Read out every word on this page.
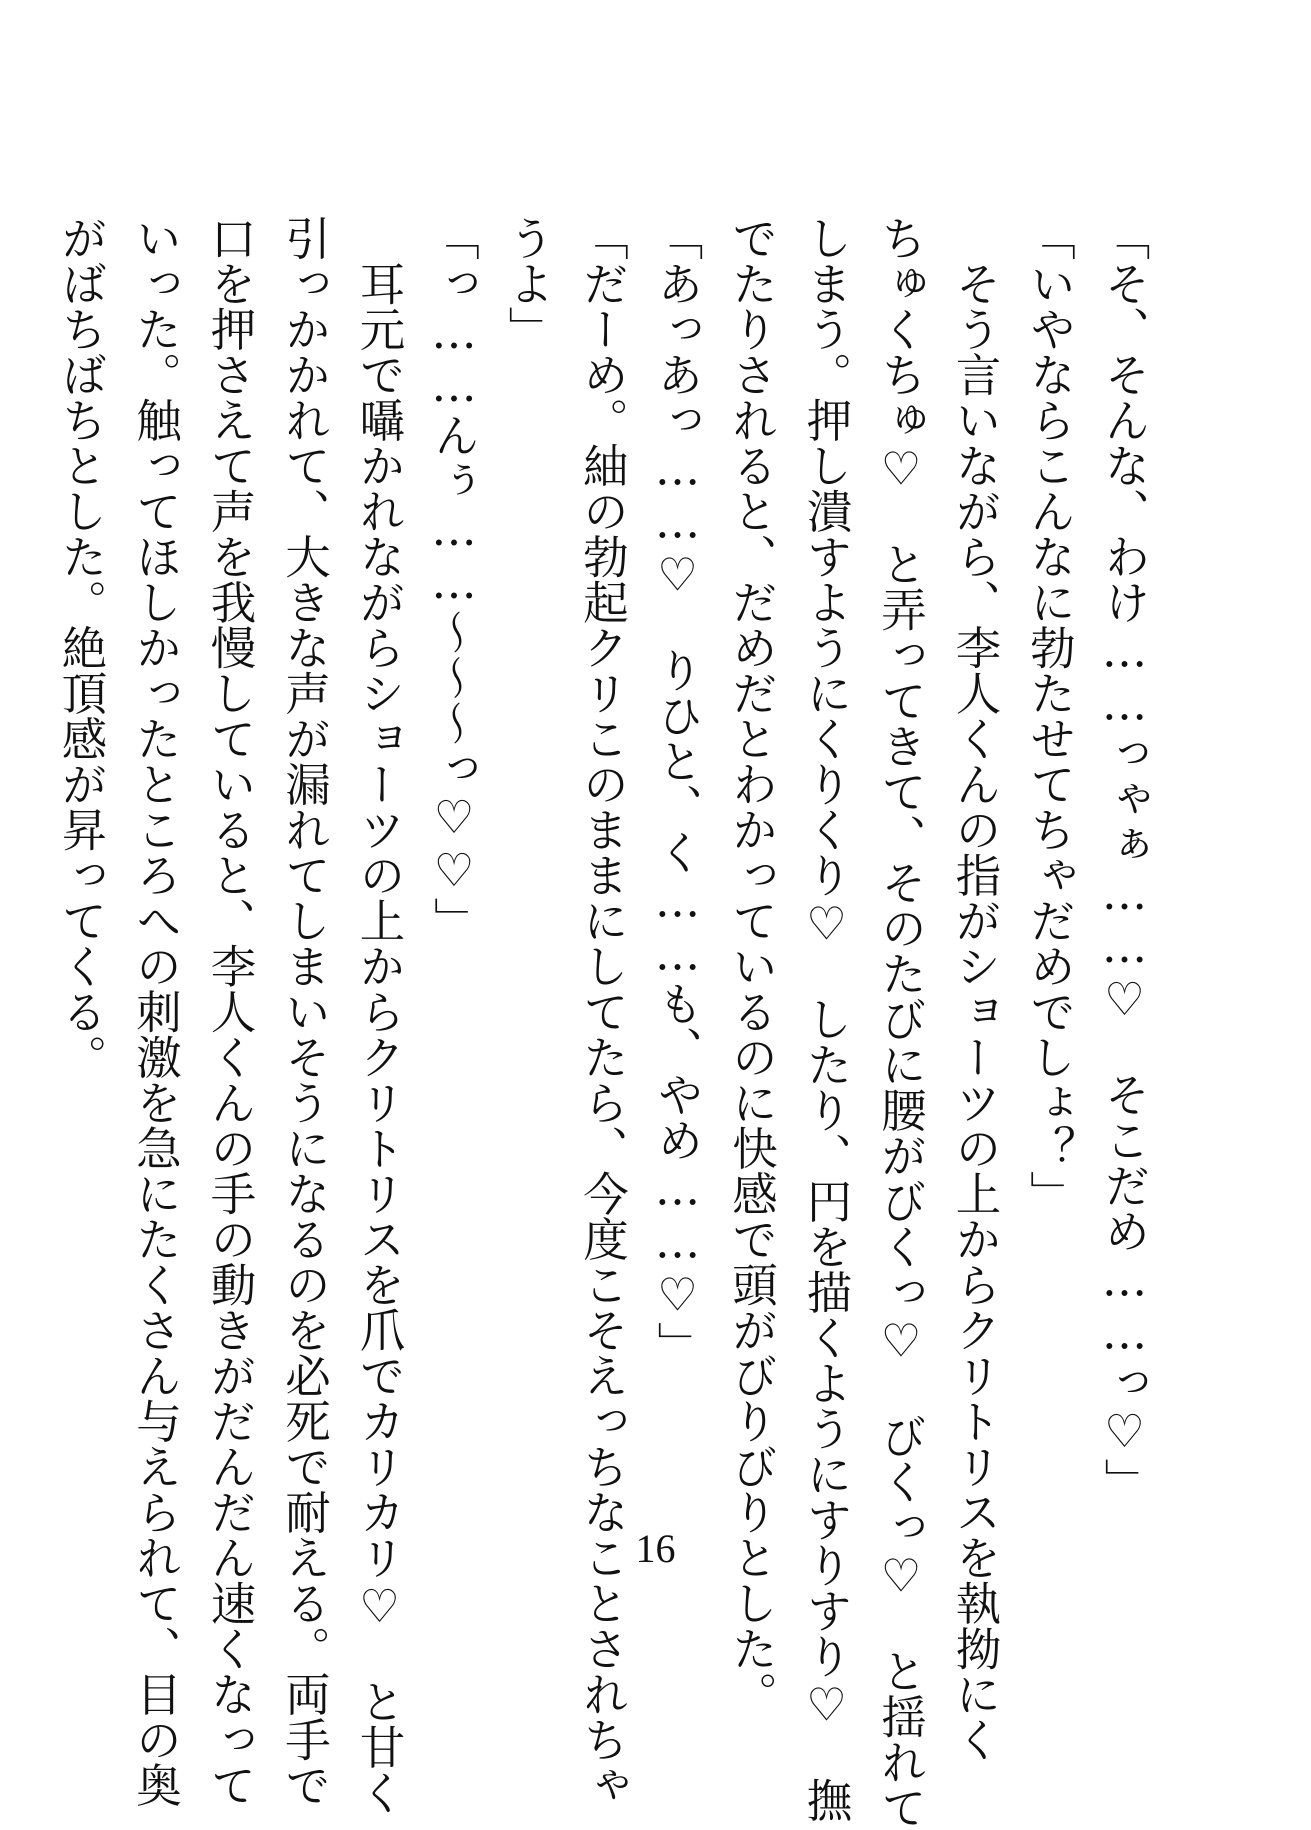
「そ、そんな、わけ……っゃぁ……♡　そこだめ……っ♡」
「いやならこんなに勃たせてちゃだめでしょ？」
　そう言いながら、李人くんの指がショーツの上からクリトリスを執拗にく
ちゅくちゅ♡　と弄ってきて、そのたびに腰がびくっ♡　びくっ♡　と揺れて
しまう。押し潰すようにくりくり♡　したり、円を描くようにすりすり♡　撫
でたりされると、だめだとわかっているのに快感で頭がびりびりとした。
「あっあっ……♡　りひと、く……も、やめ……♡」
「だーめ。紬の勃起クリこのままにしてたら、今度こそえっちなことされちゃ
うよ」
「っ……んぅ……～～～っ♡♡」
　耳元で囁かれながらショーツの上からクリトリスを爪でカリカリ♡　と甘く
引っかかれて、大きな声が漏れてしまいそうになるのを必死で耐える。両手で
口を押さえて声を我慢していると、李人くんの手の動きがだんだん速くなって
いった。触ってほしかったところへの刺激を急にたくさん与えられて、目の奥
がばちばちとした。絶頂感が昇ってくる。
16
